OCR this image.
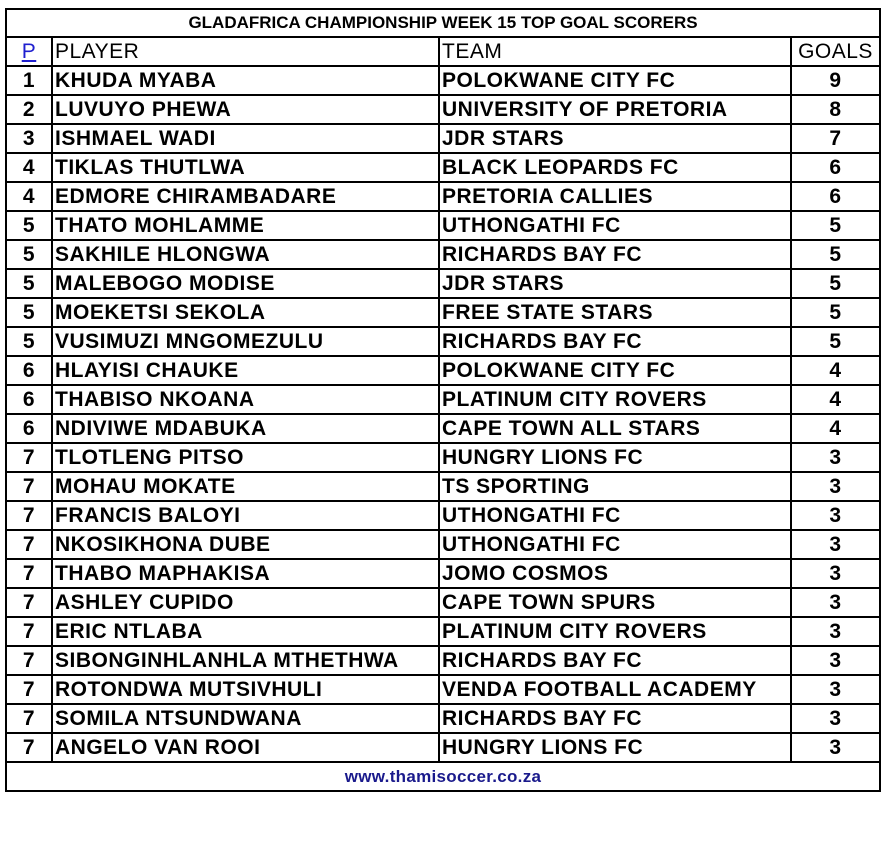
GLADAFRICA CHAMPIONSHIP WEEK 15 TOP GOAL SCORERS			
P	PLAYER	TEAM	GOALS
1	KHUDA MYABA	POLOKWANE CITY FC	9
2	LUVUYO PHEWA	UNIVERSITY OF PRETORIA	8
3	ISHMAEL WADI	JDR STARS	7
4	TIKLAS THUTLWA	BLACK LEOPARDS FC	6
4	EDMORE CHIRAMBADARE	PRETORIA CALLIES	6
5	THATO MOHLAMME	UTHONGATHI FC	5
5	SAKHILE HLONGWA	RICHARDS BAY FC	5
5	MALEBOGO MODISE	JDR STARS	5
5	MOEKETSI SEKOLA	FREE STATE STARS	5
5	VUSIMUZI MNGOMEZULU	RICHARDS BAY FC	5
6	HLAYISI CHAUKE	POLOKWANE CITY FC	4
6	THABISO NKOANA	PLATINUM CITY ROVERS	4
6	NDIVIWE MDABUKA	CAPE TOWN ALL STARS	4
7	TLOTLENG PITSO	HUNGRY LIONS FC	3
7	MOHAU MOKATE	TS SPORTING	3
7	FRANCIS BALOYI	UTHONGATHI FC	3
7	NKOSIKHONA DUBE	UTHONGATHI FC	3
7	THABO MAPHAKISA	JOMO COSMOS	3
7	ASHLEY CUPIDO	CAPE TOWN SPURS	3
7	ERIC NTLABA	PLATINUM CITY ROVERS	3
7	SIBONGINHLANHLA MTHETHWA	RICHARDS BAY FC	3
7	ROTONDWA MUTSIVHULI	VENDA FOOTBALL ACADEMY	3
7	SOMILA NTSUNDWANA	RICHARDS BAY FC	3
7	ANGELO VAN ROOI	HUNGRY LIONS FC	3
www.thamisoccer.co.za			
